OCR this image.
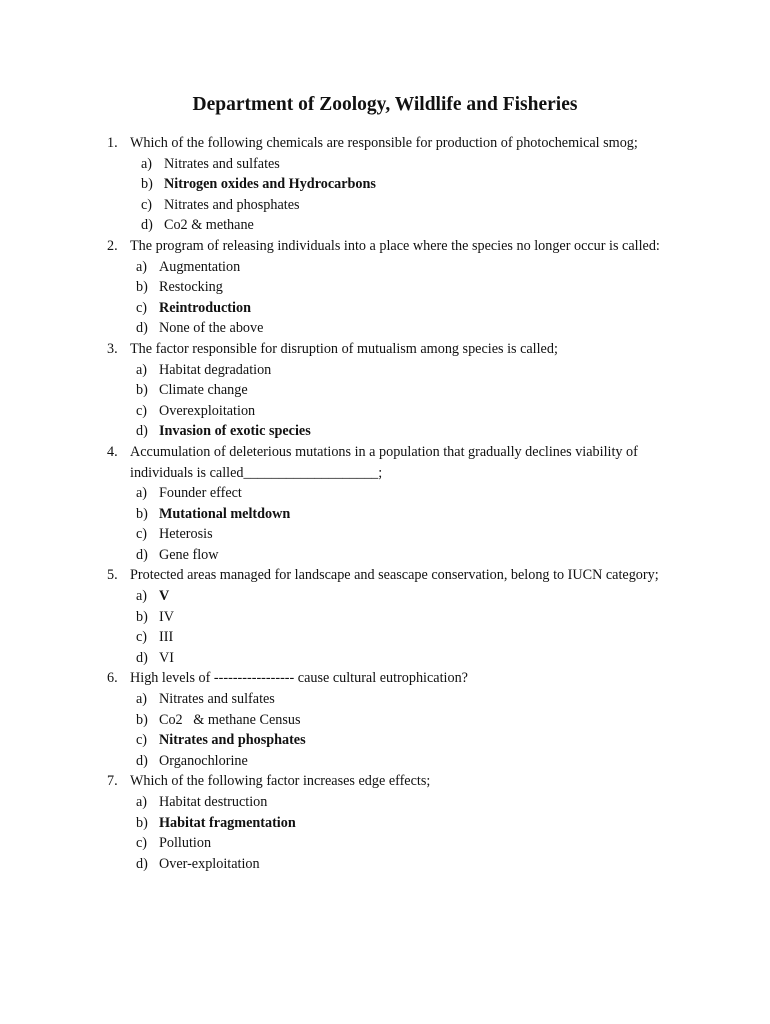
Department of Zoology, Wildlife and Fisheries
1. Which of the following chemicals are responsible for production of photochemical smog;
a) Nitrates and sulfates
b) Nitrogen oxides and Hydrocarbons
c) Nitrates and phosphates
d) Co2 & methane
2. The program of releasing individuals into a place where the species no longer occur is called:
a) Augmentation
b) Restocking
c) Reintroduction
d) None of the above
3. The factor responsible for disruption of mutualism among species is called;
a) Habitat degradation
b) Climate change
c) Overexploitation
d) Invasion of exotic species
4. Accumulation of deleterious mutations in a population that gradually declines viability of individuals is called___________________;
a) Founder effect
b) Mutational meltdown
c) Heterosis
d) Gene flow
5. Protected areas managed for landscape and seascape conservation, belong to IUCN category;
a) V
b) IV
c) III
d) VI
6. High levels of ----------------- cause cultural eutrophication?
a) Nitrates and sulfates
b) Co2   & methane Census
c) Nitrates and phosphates
d) Organochlorine
7. Which of the following factor increases edge effects;
a) Habitat destruction
b) Habitat fragmentation
c) Pollution
d) Over-exploitation
